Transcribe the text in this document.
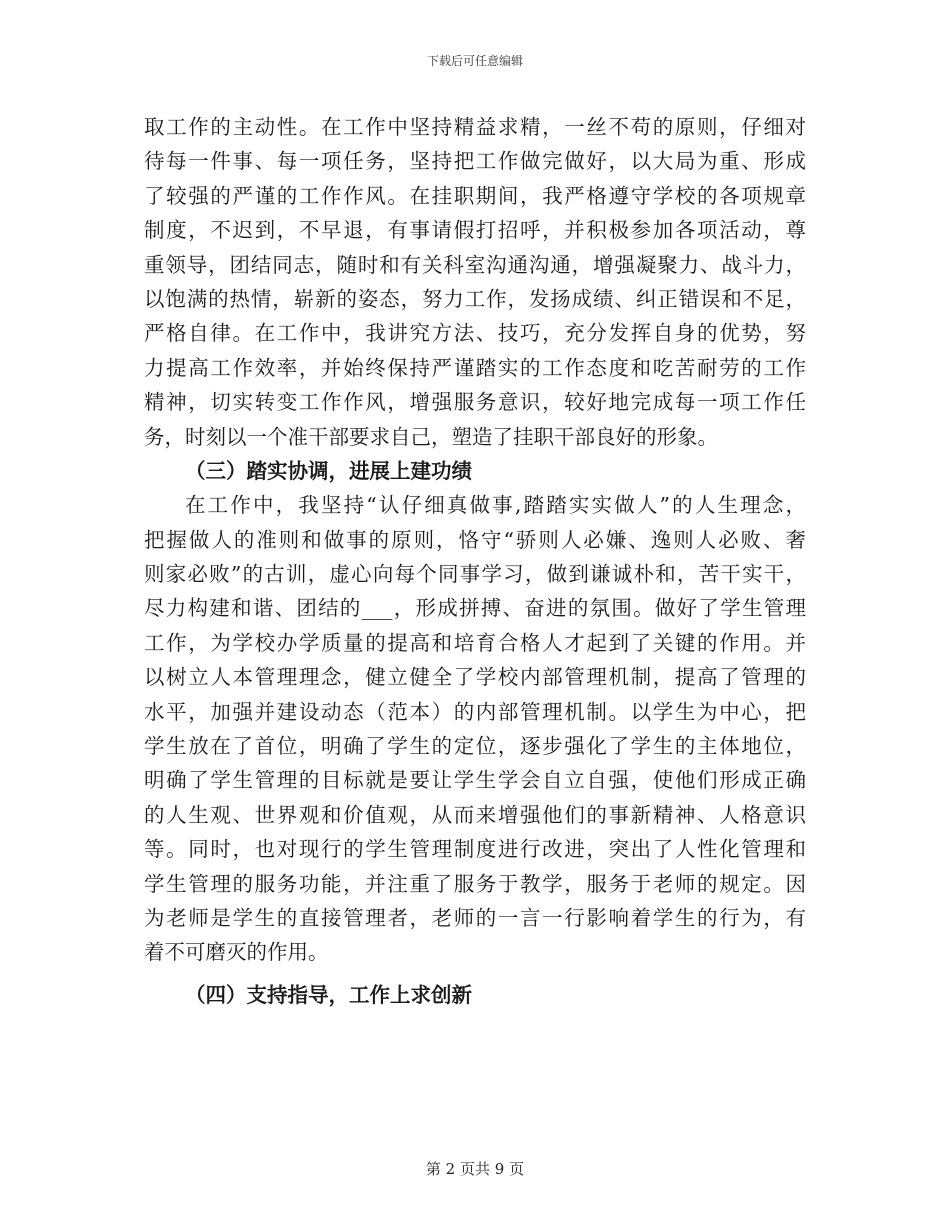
下载后可任意编辑
取工作的主动性。在工作中坚持精益求精，一丝不苟的原则，仔细对
待每一件事、每一项任务，坚持把工作做完做好，以大局为重、形成
了较强的严谨的工作作风。在挂职期间，我严格遵守学校的各项规章
制度，不迟到，不早退，有事请假打招呼，并积极参加各项活动，尊
重领导，团结同志，随时和有关科室沟通沟通，增强凝聚力、战斗力，
以饱满的热情，崭新的姿态，努力工作，发扬成绩、纠正错误和不足，
严格自律。在工作中，我讲究方法、技巧，充分发挥自身的优势，努
力提高工作效率，并始终保持严谨踏实的工作态度和吃苦耐劳的工作
精神，切实转变工作作风，增强服务意识，较好地完成每一项工作任
务，时刻以一个准干部要求自己，塑造了挂职干部良好的形象。
（三）踏实协调，进展上建功绩
在工作中，我坚持“认仔细真做事,踏踏实实做人”的人生理念，
把握做人的准则和做事的原则，恪守“骄则人必嫌、逸则人必败、奢
则家必败”的古训，虚心向每个同事学习，做到谦诚朴和，苦干实干，
尽力构建和谐、团结的___，形成拼搏、奋进的氛围。做好了学生管理
工作，为学校办学质量的提高和培育合格人才起到了关键的作用。并
以树立人本管理理念，健立健全了学校内部管理机制，提高了管理的
水平，加强并建设动态（范本）的内部管理机制。以学生为中心，把
学生放在了首位，明确了学生的定位，逐步强化了学生的主体地位，
明确了学生管理的目标就是要让学生学会自立自强，使他们形成正确
的人生观、世界观和价值观，从而来增强他们的事新精神、人格意识
等。同时，也对现行的学生管理制度进行改进，突出了人性化管理和
学生管理的服务功能，并注重了服务于教学，服务于老师的规定。因
为老师是学生的直接管理者，老师的一言一行影响着学生的行为，有
着不可磨灭的作用。
（四）支持指导，工作上求创新
第 2 页共 9 页
